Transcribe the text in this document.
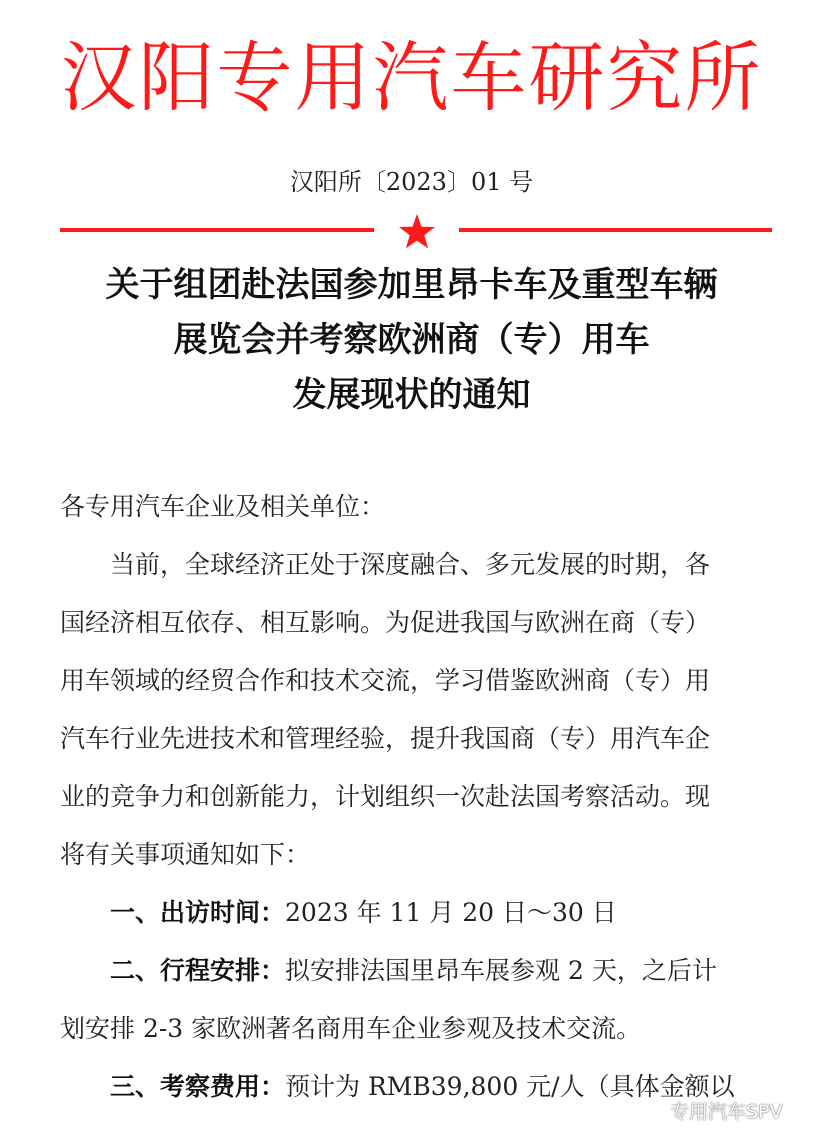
汉阳专用汽车研究所
汉阳所〔2023〕01 号
关于组团赴法国参加里昂卡车及重型车辆
展览会并考察欧洲商（专）用车
发展现状的通知

各专用汽车企业及相关单位：

当前，全球经济正处于深度融合、多元发展的时期，各

国经济相互依存、相互影响。为促进我国与欧洲在商（专）

用车领域的经贸合作和技术交流，学习借鉴欧洲商（专）用

汽车行业先进技术和管理经验，提升我国商（专）用汽车企

业的竞争力和创新能力，计划组织一次赴法国考察活动。现

将有关事项通知如下：

一、出访时间：2023 年 11 月 20 日～30 日

二、行程安排：拟安排法国里昂车展参观 2 天，之后计

划安排 2-3 家欧洲著名商用车企业参观及技术交流。

三、考察费用：预计为 RMB39,800 元/人（具体金额以

专用汽车SPV
